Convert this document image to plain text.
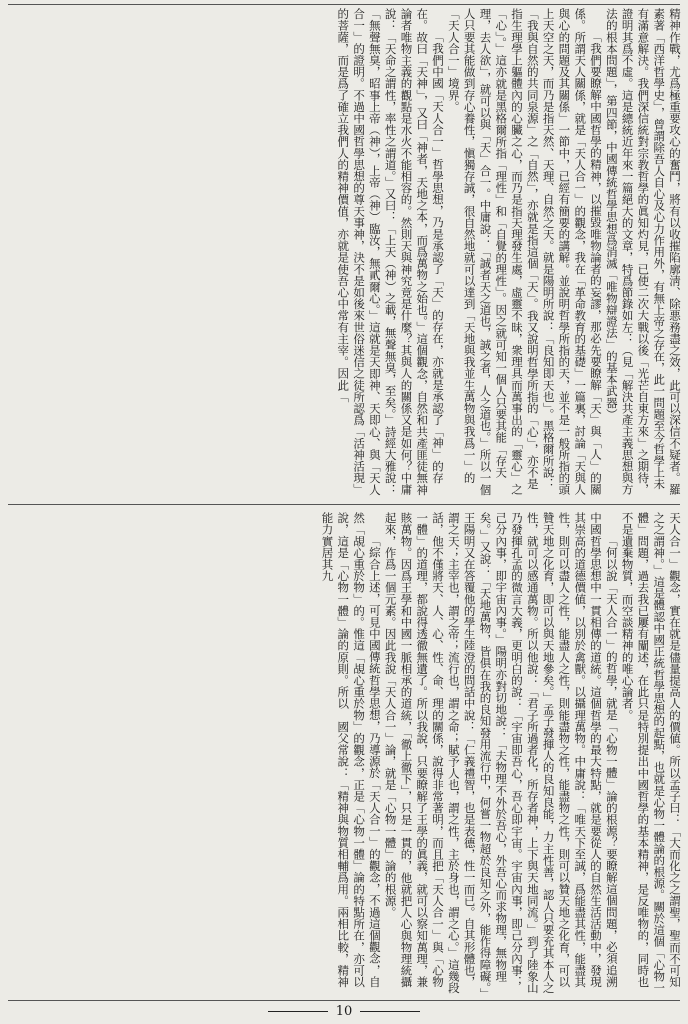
精神作戰，尤爲極重要攻心的奮鬥，將有以收摧陷廓淸、除悪務盡之效，此可以深信不疑者。羅素著「西洋哲學史」，曾謂除吾人自心及心力作用外，有無上帝之存在，此一問題至今哲學上未有滿意解決。我們深信統對宗教哲學的眞知灼見，已使二次大戰以後「光芒自東方來」之期待，證明其爲不虛。這是總統近年來一篇絕大的文章，特爲節錄如左：（見「解決共產主義思想與方法的根本問題」，第四節，中國傳統哲學思想爲消滅「唯物辯證法」的基本武器）

「我們要瞭解中國哲學的精神，以摧毀唯物論者的妄謬，那必先要瞭解「天」與「人」的關係。所謂天人關係，就是「天人合一」的觀念，我在「革命教育的基礎」一篇裏，討論「天與人與心的問題及其關係」一節中，已經有簡要的講解。並說明哲學所指的天，並不是一般所指的頭上天空之天，而乃是指天然、天理、自然之天。就是陽明所說：「良知即天也」。黑格爾所說：「我與自然的共同泉源」之「自然」，亦就是指這個「天」。我又說明哲學所指的「心」，亦不是指生理學上軀體內的心臟之心，而乃是指天理發生處，虛靈不昧，衆理具而萬事出的「靈心」之「心」。」這亦就是黑格爾所指「理性」和「自覺的理性」。因之就可知一個人只要其能「存天理，去人欲」，就可以與「天」合一。中庸說：「誠者天之道也，誠之者，人之道也。」所以一個人只要其能做到存心養性，愼獨存誠，很自然地就可以達到「天地與我並生萬物與我爲一」的「天人合一」境界。

「我們中國「天人合一」哲學思想，乃是承認了「天」的存在，亦就是承認了「神」的存在。故曰「天神」，又曰「神者，天地之本，而爲萬物之始也。」這個觀念，自然和共產匪徒無神論者唯物主義的觀點是水火不能相容的。然則天與神究竟是什麼？其與人的關係又是如何？中庸說：「天命之謂性，率性之謂道。」又曰：「上天（神）之載，無聲無臭，至矣。」詩經大雅說：「無聲無臭，昭事上帝（神），上帝（神）臨汝，無貳爾心。」這就是天即神、天即心、與「天人合一」的證明。不過中國哲學思想的尊天事神，決不是如後來世俗迷信之徒所認爲「活神活現」的菩薩，而是爲了確立我們人的精神價值，亦就是使吾心中常有主宰。因此「

天人合一」觀念，實在就是儘量提高人的價値。所以孟子曰：「大而化之之謂聖，聖而不可知之之謂神。」這是體認中國正統哲學思想的起點，也就是心物一體論的根源。關於這個「心物一體」問題，過去我已屢有闡述，在此只是特別提出中國哲學的基本精神，是反唯物的，同時也不是遺棄物質，而空談精神的唯心論者。

「何以說「天人合一」的哲學，就是「心物一體」論的根源？要瞭解這個問題，必須追溯中國哲學思想中一貫相傳的道統。這個哲學的最大特點，就是要從人的自然生活活動中，發現其崇高的道德價値，以別於禽獸。以攝理萬物。中庸說：「唯天下至誠，爲能盡其性，能盡其性，則可以盡人之性，能盡人之性，則能盡物之性，能盡物之性，則可以贊天地之化育，可以贊天地之化育，即可以與天地參矣。」孟子發揮人的良知良能，力主性善，認人只要充其本人之性，就可以感通萬物。所以他說：「君子所過者化，所存者神，上下與天地同流。」到了陸象山乃發揮孔孟的微言大義，更明白的說：「宇宙即吾心，吾心即宇宙。宇宙內事，即己分內事；己分內事，即宇宙內事。」陽明亦對切地說：「夫物理不外於吾心，外吾心而求物理，無物理矣。」又說：「天地萬物，皆俱在我的良知發用流行中，何嘗一物超於良知之外，能作得障礙。」王陽明又在答覆他的學生陸澄的問話中說：「仁義禮智，也是表德，性一而已。自其形體也，謂之天；主宰也，謂之帝；流行也，謂之命；賦予人也，謂之性，主於身也，謂之心。」這幾段話，他不僅將天、人、心、性、命、理的關係，說得非常著明，而且把「天人合一」與「心物一體」的道理，都說得透徹無遺了。所以我說，只要瞭解了王學的眞義，就可以察知萬理，兼賅萬物。因爲王學和中國一脈相承的道統，「徹上徹下」，只是一貫的，他就把人心與物理統攝起來，作爲一個元素。因此我說「天人合一」論，就是「心物一體」論的根源。

「綜合上述，可見中國傳統哲學思想，乃導源於「天人合一」的觀念，不過這個觀念，自然「覘心重於物」的。惟這「覘心重於物」的觀念，正是「心物一體」論的特點所在，亦可以說，這是「心物一體」論的原則。所以　國父常說：「精神與物質相輔爲用。兩相比較，精神能力實居其九

10
